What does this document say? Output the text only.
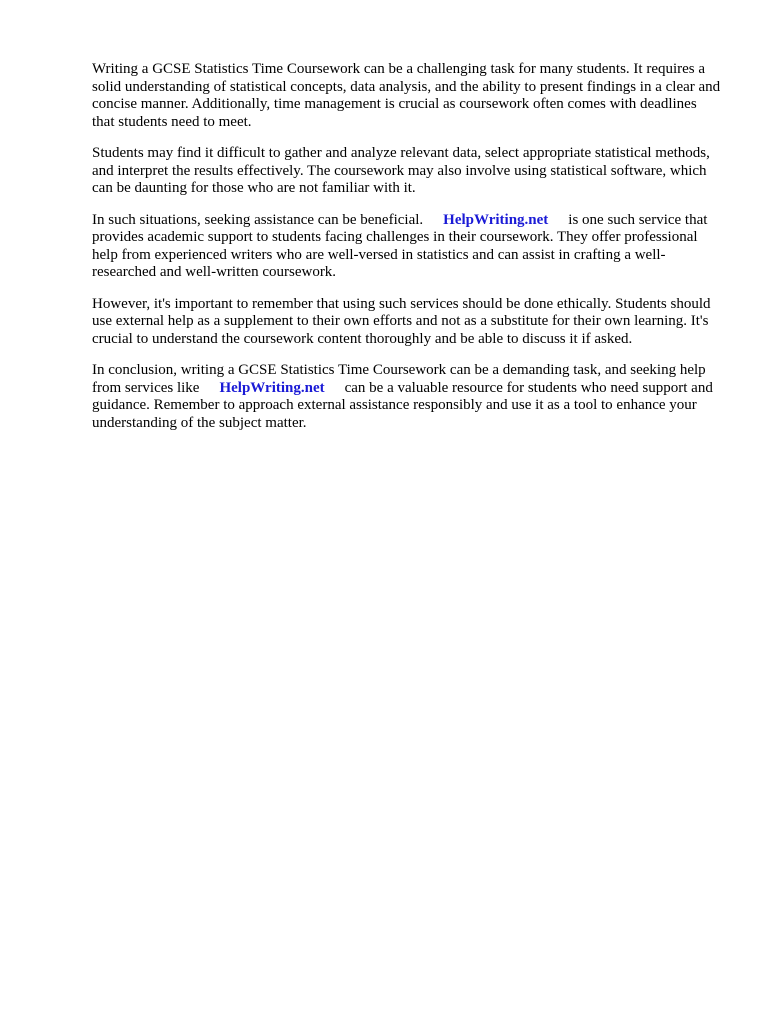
Writing a GCSE Statistics Time Coursework can be a challenging task for many students. It requires a solid understanding of statistical concepts, data analysis, and the ability to present findings in a clear and concise manner. Additionally, time management is crucial as coursework often comes with deadlines that students need to meet.

Students may find it difficult to gather and analyze relevant data, select appropriate statistical methods, and interpret the results effectively. The coursework may also involve using statistical software, which can be daunting for those who are not familiar with it.

In such situations, seeking assistance can be beneficial. HelpWriting.net is one such service that provides academic support to students facing challenges in their coursework. They offer professional help from experienced writers who are well-versed in statistics and can assist in crafting a well-researched and well-written coursework.

However, it's important to remember that using such services should be done ethically. Students should use external help as a supplement to their own efforts and not as a substitute for their own learning. It's crucial to understand the coursework content thoroughly and be able to discuss it if asked.

In conclusion, writing a GCSE Statistics Time Coursework can be a demanding task, and seeking help from services like HelpWriting.net can be a valuable resource for students who need support and guidance. Remember to approach external assistance responsibly and use it as a tool to enhance your understanding of the subject matter.
